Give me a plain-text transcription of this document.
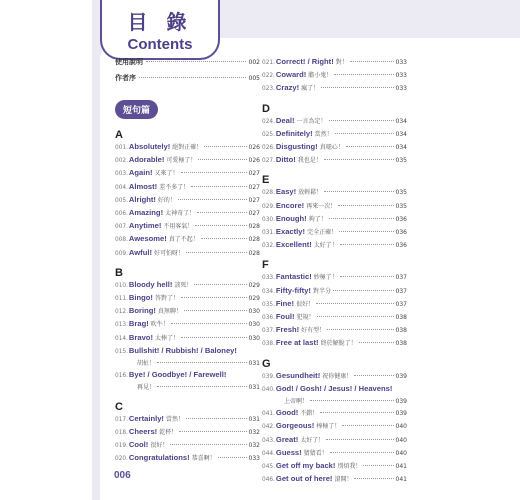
目 錄
Contents
使用說明	002
作者序	005
短句篇
A
001. Absolutely! 絕對正確！	026
002. Adorable! 可愛極了！	026
003. Again! 又來了！	027
004. Almost! 差不多了！	027
005. Alright! 好的！	027
006. Amazing! 太神奇了！	027
007. Anytime! 不用客氣！	028
008. Awesome! 真了不起！	028
009. Awful! 好可怕呀！	028
B
010. Bloody hell! 該死！	029
011. Bingo! 答對了！	029
012. Boring! 真無聊！	030
013. Brag! 吹牛！	030
014. Bravo! 太棒了！	030
015. Bullshit! / Rubbish! / Baloney!
胡扯！	031
016. Bye! / Goodbye! / Farewell!
再見！	031
C
017. Certainly! 當然！	031
018. Cheers! 乾杯！	032
019. Cool! 很好！	032
020. Congratulations! 恭喜啊！	033
021. Correct! / Right! 對！	033
022. Coward! 膽小鬼！	033
023. Crazy! 瘋了！	033
D
024. Deal! 一言為定！	034
025. Definitely! 當然！	034
026. Disgusting! 真噁心！	034
027. Ditto! 我也是！	035
E
028. Easy! 放輕鬆！	035
029. Encore! 再來一次！	035
030. Enough! 夠了！	036
031. Exactly! 完全正確！	036
032. Excellent! 太好了！	036
F
033. Fantastic! 妙極了！	037
034. Fifty-fifty! 對半分	037
035. Fine! 很好！	037
036. Foul! 犯規！	038
037. Fresh! 好有型！	038
038. Free at last! 終於解脫了！	038
G
039. Gesundheit! 祝你健康！	039
040. God! / Gosh! / Jesus! / Heavens!
上帝啊！	039
041. Good! 不錯！	039
042. Gorgeous! 棒極了！	040
043. Great! 太好了！	040
044. Guess! 猜猜看！	040
045. Get off my back! 別煩我！	041
046. Get out of here! 滾開！	041
006
